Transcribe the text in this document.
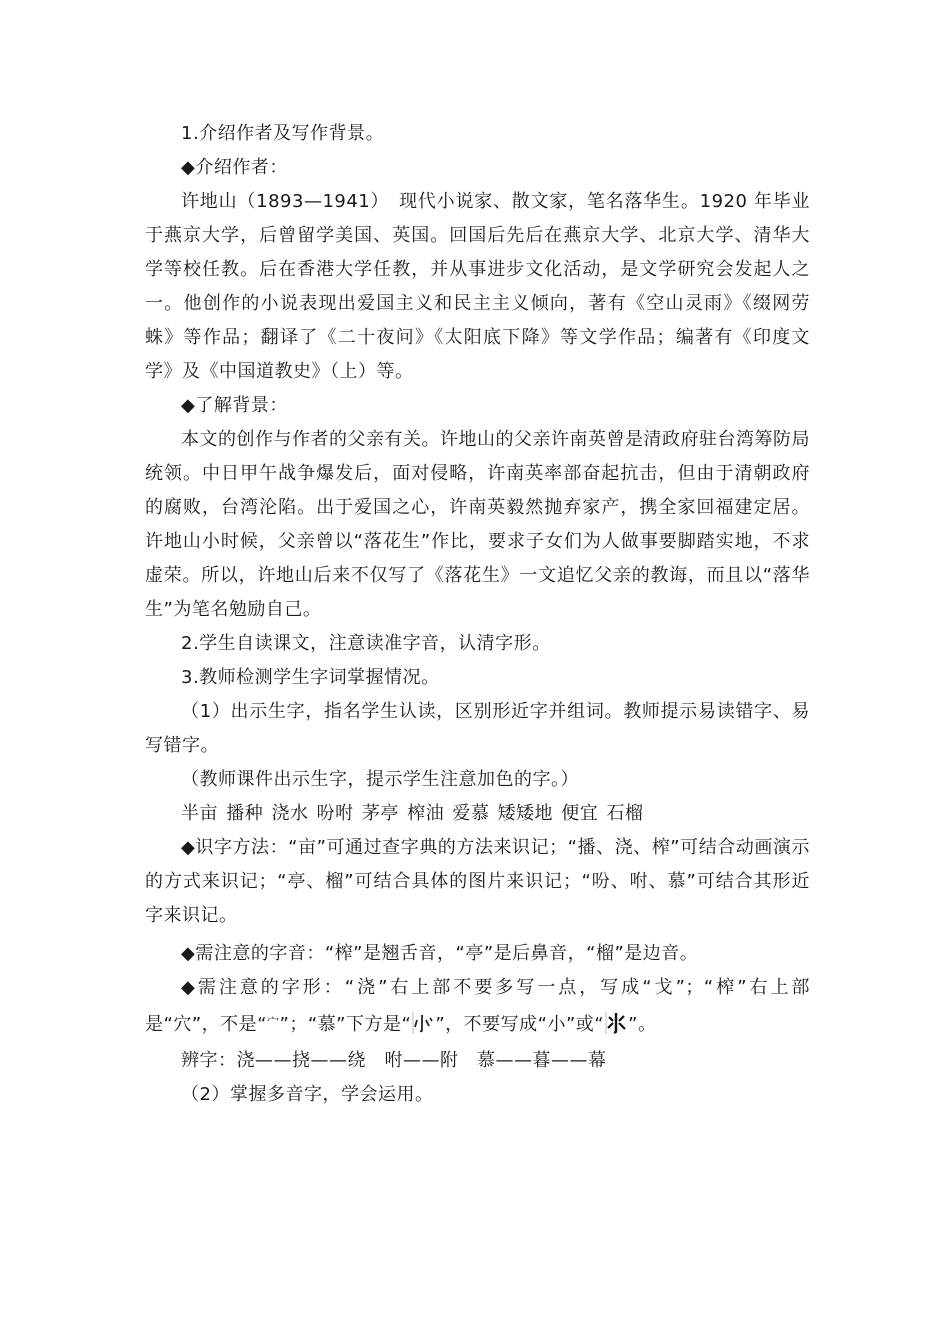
1.介绍作者及写作背景。

◆介绍作者：

许地山（1893—1941）　现代小说家、散文家，笔名落华生。1920 年毕业于燕京大学，后曾留学美国、英国。回国后先后在燕京大学、北京大学、清华大学等校任教。后在香港大学任教，并从事进步文化活动，是文学研究会发起人之一。他创作的小说表现出爱国主义和民主主义倾向，著有《空山灵雨》《缀网劳蛛》等作品；翻译了《二十夜问》《太阳底下降》等文学作品；编著有《印度文学》及《中国道教史》（上）等。

◆了解背景：

本文的创作与作者的父亲有关。许地山的父亲许南英曾是清政府驻台湾筹防局统领。中日甲午战争爆发后，面对侵略，许南英率部奋起抗击，但由于清朝政府的腐败，台湾沦陷。出于爱国之心，许南英毅然抛弃家产，携全家回福建定居。许地山小时候，父亲曾以“落花生”作比，要求子女们为人做事要脚踏实地，不求虚荣。所以，许地山后来不仅写了《落花生》一文追忆父亲的教诲，而且以“落华生”为笔名勉励自己。

2.学生自读课文，注意读准字音，认清字形。

3.教师检测学生字词掌握情况。

（1）出示生字，指名学生认读，区别形近字并组词。教师提示易读错字、易写错字。

（教师课件出示生字，提示学生注意加色的字。）

半亩 播种 浇水 吩咐 茅亭 榨油 爱慕 矮矮地 便宜 石榴

◆识字方法：“亩”可通过查字典的方法来识记；“播、浇、榨”可结合动画演示的方式来识记；“亭、榴”可结合具体的图片来识记；“吩、咐、慕”可结合其形近字来识记。

◆需注意的字音：“榨”是翘舌音，“亭”是后鼻音，“榴”是边音。

◆需注意的字形：“浇”右上部不要多写一点，写成“戈”；“榨”右上部是“穴”，不是“$^宀$”；“慕”下方是“ ”，不要写成“小”或“ ”。

辨字：浇——挠——绕　咐——附　慕——暮——幕

（2）掌握多音字，学会运用。
